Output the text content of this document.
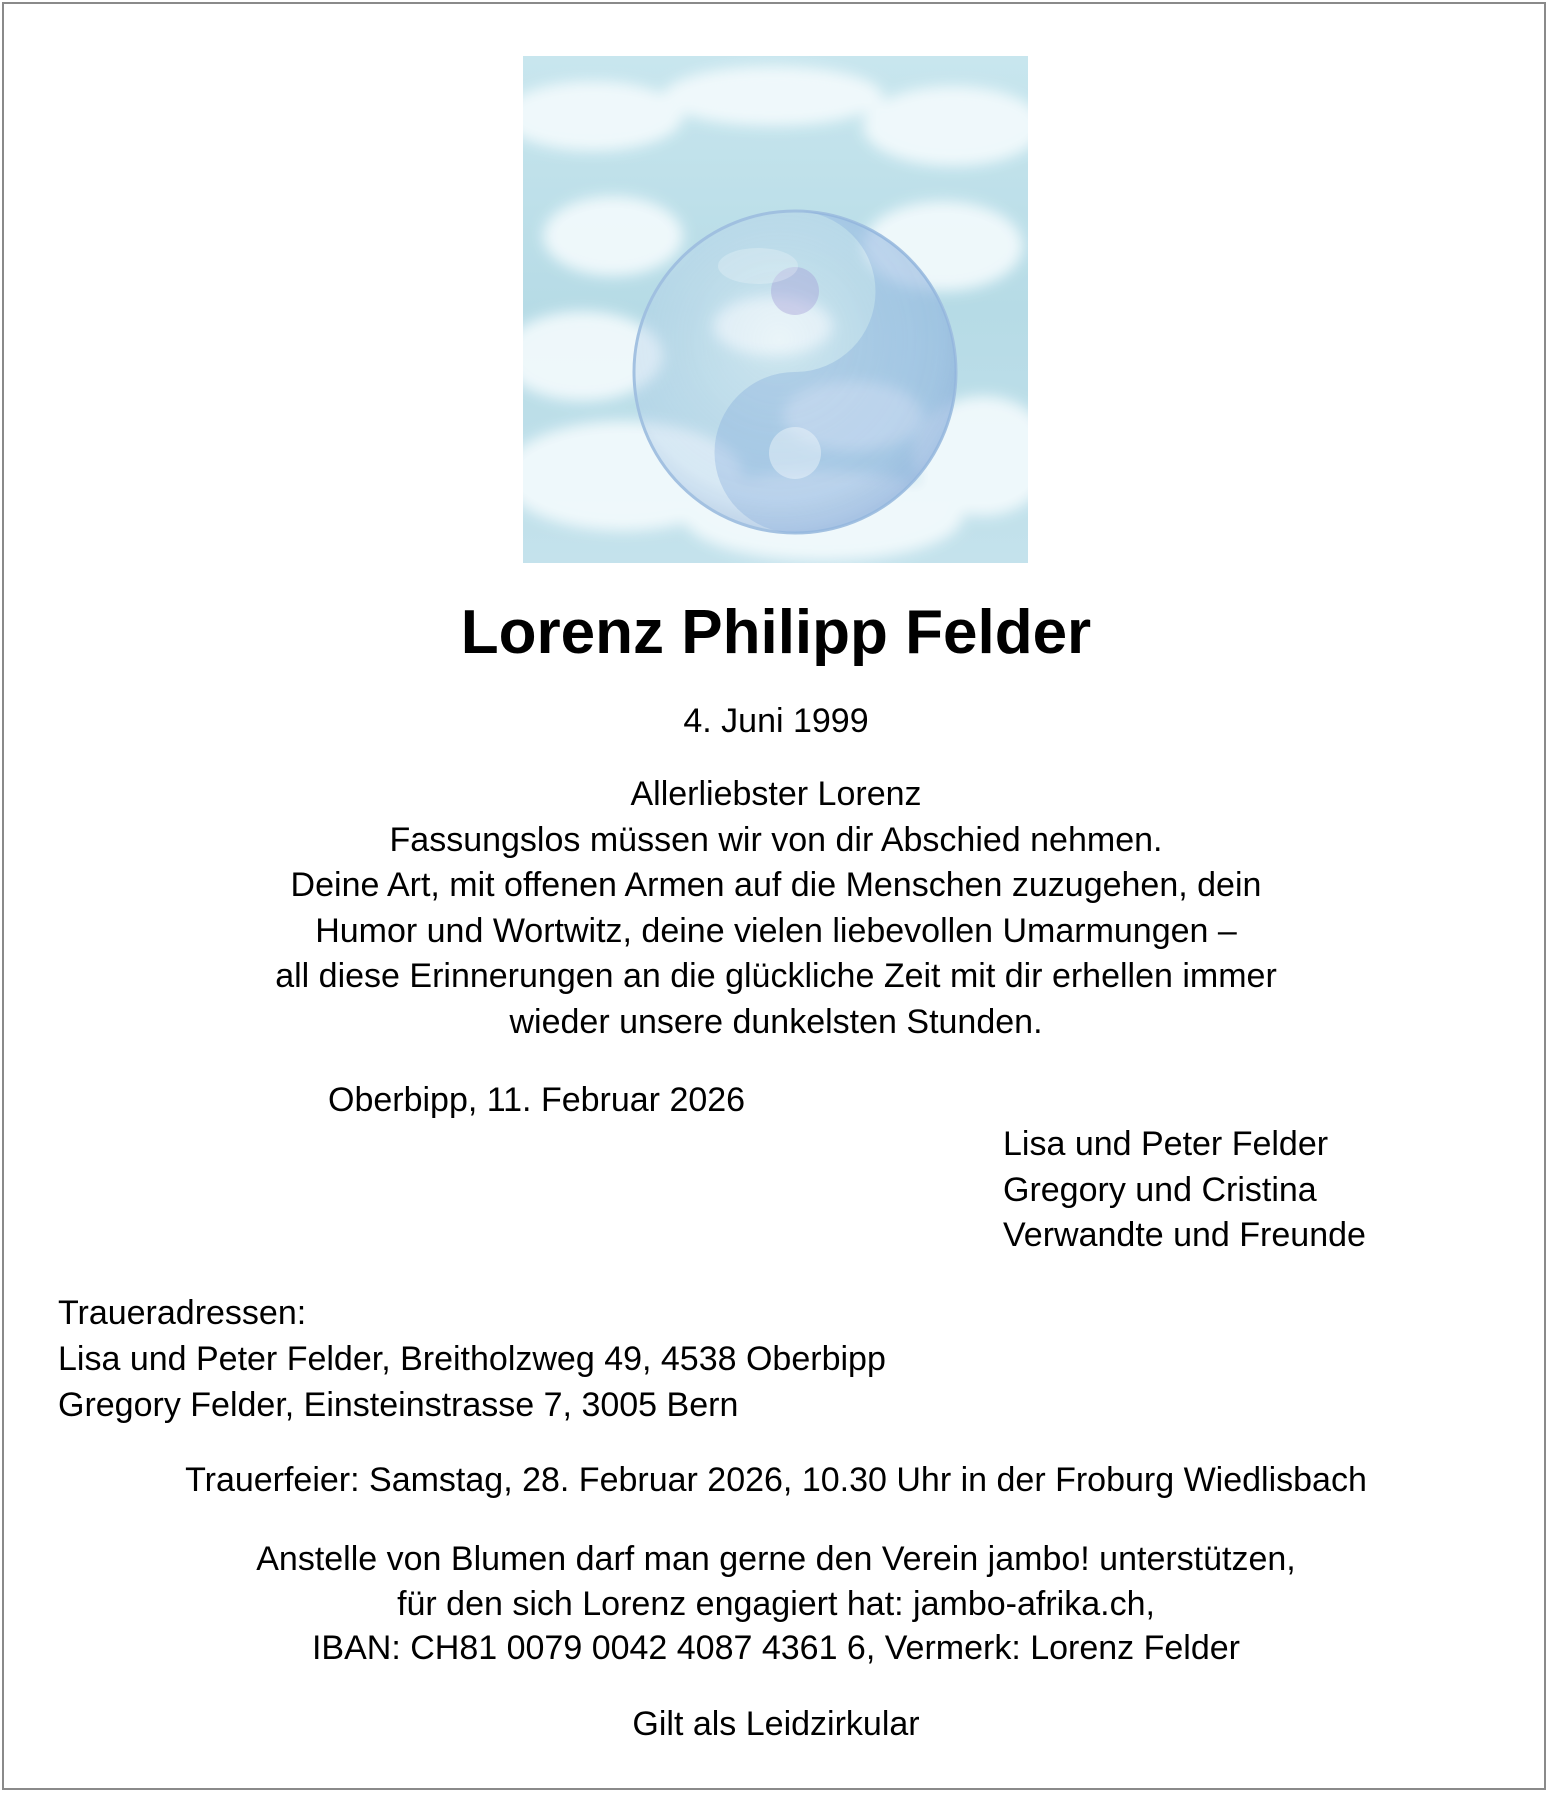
Lorenz Philipp Felder
4. Juni 1999
Allerliebster Lorenz
Fassungslos müssen wir von dir Abschied nehmen.
Deine Art, mit offenen Armen auf die Menschen zuzugehen, dein
Humor und Wortwitz, deine vielen liebevollen Umarmungen –
all diese Erinnerungen an die glückliche Zeit mit dir erhellen immer
wieder unsere dunkelsten Stunden.
Oberbipp, 11. Februar 2026
Lisa und Peter Felder
Gregory und Cristina
Verwandte und Freunde
Traueradressen:
Lisa und Peter Felder, Breitholzweg 49, 4538 Oberbipp
Gregory Felder, Einsteinstrasse 7, 3005 Bern
Trauerfeier: Samstag, 28. Februar 2026, 10.30 Uhr in der Froburg Wiedlisbach
Anstelle von Blumen darf man gerne den Verein jambo! unterstützen,
für den sich Lorenz engagiert hat: jambo-afrika.ch,
IBAN: CH81 0079 0042 4087 4361 6, Vermerk: Lorenz Felder
Gilt als Leidzirkular
